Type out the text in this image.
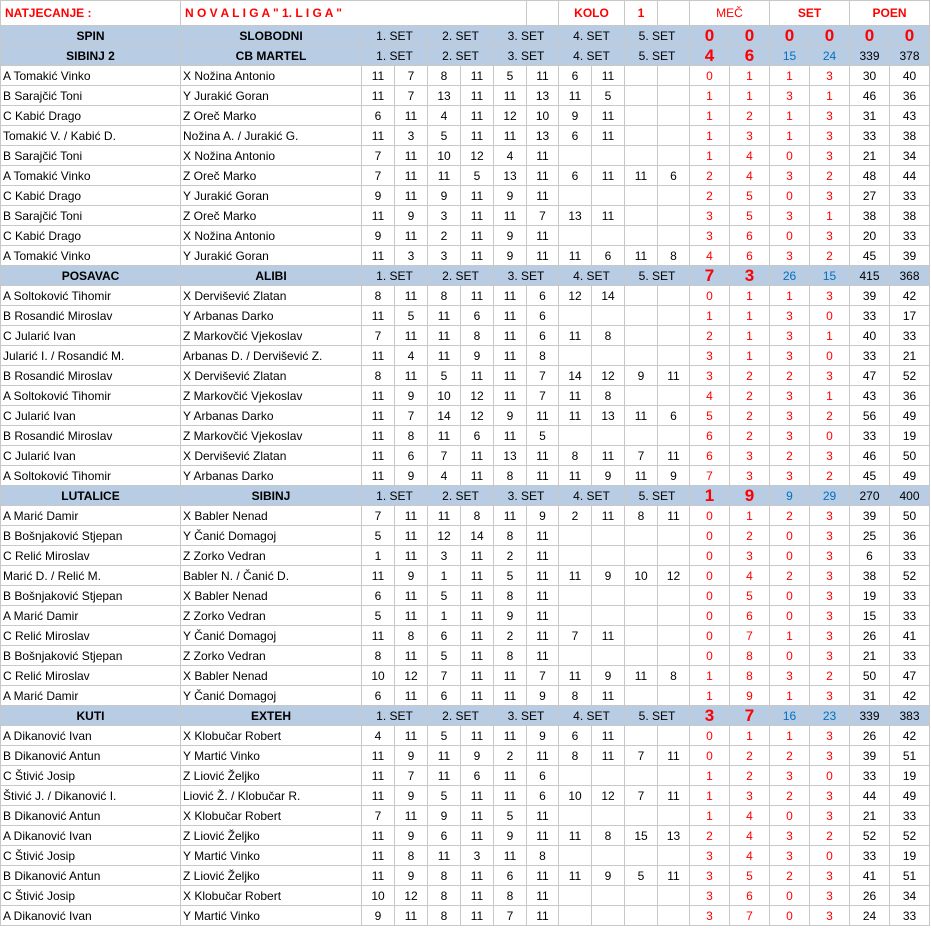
NATJECANJE :	N O V A L I G A " 1. L I G A "							KOLO		1		MEČ		SET		POEN	
SPIN	SLOBODNI	1. SET		2. SET		3. SET		4. SET		5. SET		0	0	0	0	0	0
SIBINJ 2	CB MARTEL	1. SET		2. SET		3. SET		4. SET		5. SET		4	6	15	24	339	378
A Tomakić Vinko	X Nožina Antonio	11	7	8	11	5	11	6	11			0	1	1	3	30	40
B Sarajčić Toni	Y Jurakić Goran	11	7	13	11	11	13	11	5			1	1	3	1	46	36
C Kabić Drago	Z Oreč Marko	6	11	4	11	12	10	9	11			1	2	1	3	31	43
Tomakić V. / Kabić D.	Nožina A. / Jurakić G.	11	3	5	11	11	13	6	11			1	3	1	3	33	38
B Sarajčić Toni	X Nožina Antonio	7	11	10	12	4	11					1	4	0	3	21	34
A Tomakić Vinko	Z Oreč Marko	7	11	11	5	13	11	6	11	11	6	2	4	3	2	48	44
C Kabić Drago	Y Jurakić Goran	9	11	9	11	9	11					2	5	0	3	27	33
B Sarajčić Toni	Z Oreč Marko	11	9	3	11	11	7	13	11			3	5	3	1	38	38
C Kabić Drago	X Nožina Antonio	9	11	2	11	9	11					3	6	0	3	20	33
A Tomakić Vinko	Y Jurakić Goran	11	3	3	11	9	11	11	6	11	8	4	6	3	2	45	39
POSAVAC	ALIBI	1. SET		2. SET		3. SET		4. SET		5. SET		7	3	26	15	415	368
A Soltoković Tihomir	X Dervišević Zlatan	8	11	8	11	11	6	12	14			0	1	1	3	39	42
B Rosandić Miroslav	Y Arbanas Darko	11	5	11	6	11	6					1	1	3	0	33	17
C Jularić Ivan	Z Markovčić Vjekoslav	7	11	11	8	11	6	11	8			2	1	3	1	40	33
Jularić I. / Rosandić M.	Arbanas D. / Dervišević Z.	11	4	11	9	11	8					3	1	3	0	33	21
B Rosandić Miroslav	X Dervišević Zlatan	8	11	5	11	11	7	14	12	9	11	3	2	2	3	47	52
A Soltoković Tihomir	Z Markovčić Vjekoslav	11	9	10	12	11	7	11	8			4	2	3	1	43	36
C Jularić Ivan	Y Arbanas Darko	11	7	14	12	9	11	11	13	11	6	5	2	3	2	56	49
B Rosandić Miroslav	Z Markovčić Vjekoslav	11	8	11	6	11	5					6	2	3	0	33	19
C Jularić Ivan	X Dervišević Zlatan	11	6	7	11	13	11	8	11	7	11	6	3	2	3	46	50
A Soltoković Tihomir	Y Arbanas Darko	11	9	4	11	8	11	11	9	11	9	7	3	3	2	45	49
LUTALICE	SIBINJ	1. SET		2. SET		3. SET		4. SET		5. SET		1	9	9	29	270	400
A Marić Damir	X Babler Nenad	7	11	11	8	11	9	2	11	8	11	0	1	2	3	39	50
B Bošnjaković Stjepan	Y Čanić Domagoj	5	11	12	14	8	11					0	2	0	3	25	36
C Relić Miroslav	Z Zorko Vedran	1	11	3	11	2	11					0	3	0	3	6	33
Marić D. / Relić M.	Babler N. / Čanić D.	11	9	1	11	5	11	11	9	10	12	0	4	2	3	38	52
B Bošnjaković Stjepan	X Babler Nenad	6	11	5	11	8	11					0	5	0	3	19	33
A Marić Damir	Z Zorko Vedran	5	11	1	11	9	11					0	6	0	3	15	33
C Relić Miroslav	Y Čanić Domagoj	11	8	6	11	2	11	7	11			0	7	1	3	26	41
B Bošnjaković Stjepan	Z Zorko Vedran	8	11	5	11	8	11					0	8	0	3	21	33
C Relić Miroslav	X Babler Nenad	10	12	7	11	11	7	11	9	11	8	1	8	3	2	50	47
A Marić Damir	Y Čanić Domagoj	6	11	6	11	11	9	8	11			1	9	1	3	31	42
KUTI	EXTEH	1. SET		2. SET		3. SET		4. SET		5. SET		3	7	16	23	339	383
A Dikanović Ivan	X Klobučar Robert	4	11	5	11	11	9	6	11			0	1	1	3	26	42
B Dikanović Antun	Y Martić Vinko	11	9	11	9	2	11	8	11	7	11	0	2	2	3	39	51
C Štivić Josip	Z Liović Željko	11	7	11	6	11	6					1	2	3	0	33	19
Štivić J. / Dikanović I.	Liović Ž. / Klobučar R.	11	9	5	11	11	6	10	12	7	11	1	3	2	3	44	49
B Dikanović Antun	X Klobučar Robert	7	11	9	11	5	11					1	4	0	3	21	33
A Dikanović Ivan	Z Liović Željko	11	9	6	11	9	11	11	8	15	13	2	4	3	2	52	52
C Štivić Josip	Y Martić Vinko	11	8	11	3	11	8					3	4	3	0	33	19
B Dikanović Antun	Z Liović Željko	11	9	8	11	6	11	11	9	5	11	3	5	2	3	41	51
C Štivić Josip	X Klobučar Robert	10	12	8	11	8	11					3	6	0	3	26	34
A Dikanović Ivan	Y Martić Vinko	9	11	8	11	7	11					3	7	0	3	24	33
